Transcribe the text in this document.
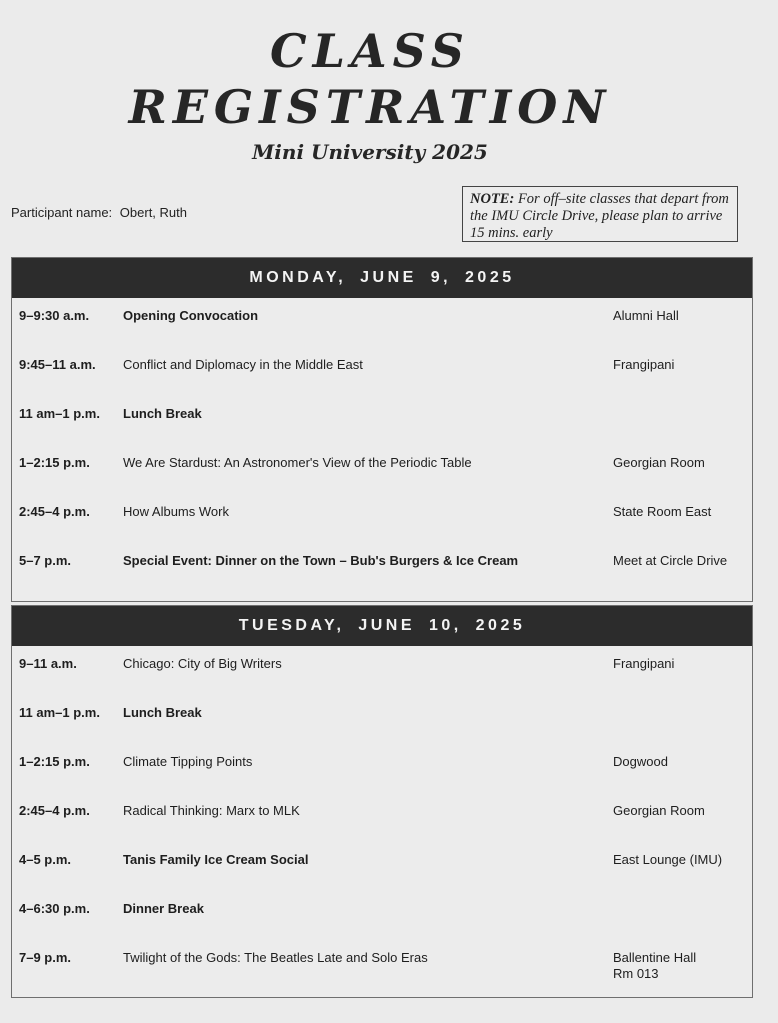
CLASS
REGISTRATION
Mini University 2025
Participant name: Obert, Ruth
NOTE: For off–site classes that depart from the IMU Circle Drive, please plan to arrive 15 mins. early
MONDAY, JUNE 9, 2025
9–9:30 a.m.	Opening Convocation	Alumni Hall
9:45–11 a.m. Conflict and Diplomacy in the Middle East	Frangipani
11 am–1 p.m. Lunch Break
1–2:15 p.m.	We Are Stardust: An Astronomer's View of the Periodic Table	Georgian Room
2:45–4 p.m.	How Albums Work	State Room East
5–7 p.m.	Special Event: Dinner on the Town – Bub's Burgers & Ice Cream	Meet at Circle Drive
TUESDAY, JUNE 10, 2025
9–11 a.m.	Chicago: City of Big Writers	Frangipani
11 am–1 p.m. Lunch Break
1–2:15 p.m.	Climate Tipping Points	Dogwood
2:45–4 p.m.	Radical Thinking: Marx to MLK	Georgian Room
4–5 p.m.	Tanis Family Ice Cream Social	East Lounge (IMU)
4–6:30 p.m.	Dinner Break
7–9 p.m.	Twilight of the Gods: The Beatles Late and Solo Eras	Ballentine Hall
Rm 013
